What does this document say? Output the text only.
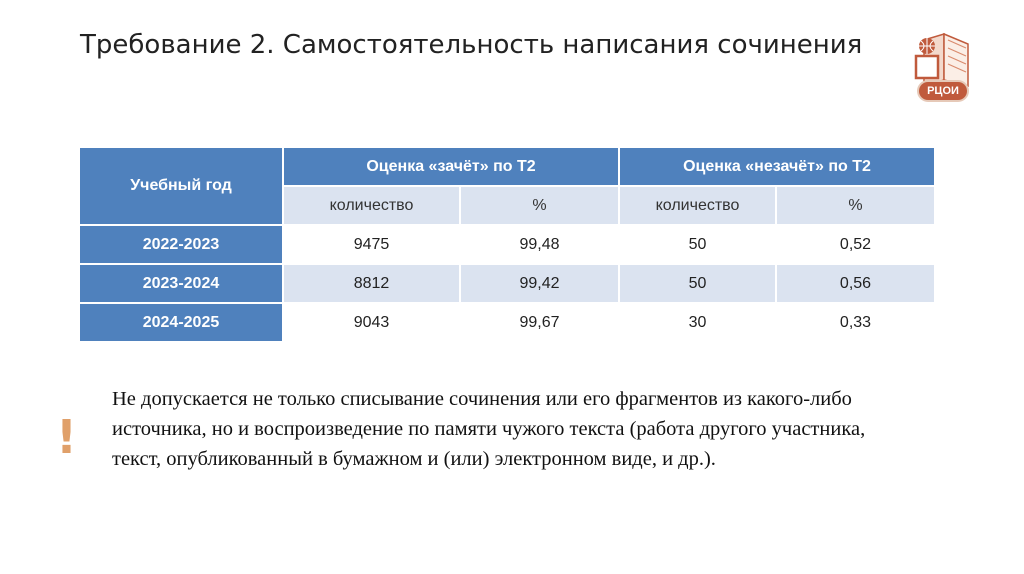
Требование 2. Самостоятельность написания сочинения
РЦОИ
Учебный год	Оценка «зачёт» по Т2		Оценка «незачёт» по Т2	
	количество	%	количество	%
2022-2023	9475	99,48	50	0,52
2023-2024	8812	99,42	50	0,56
2024-2025	9043	99,67	30	0,33
!
Не допускается не только списывание сочинения или его фрагментов из какого-либо источника, но и воспроизведение по памяти чужого текста (работа другого участника, текст, опубликованный в бумажном и (или) электронном виде, и др.).
